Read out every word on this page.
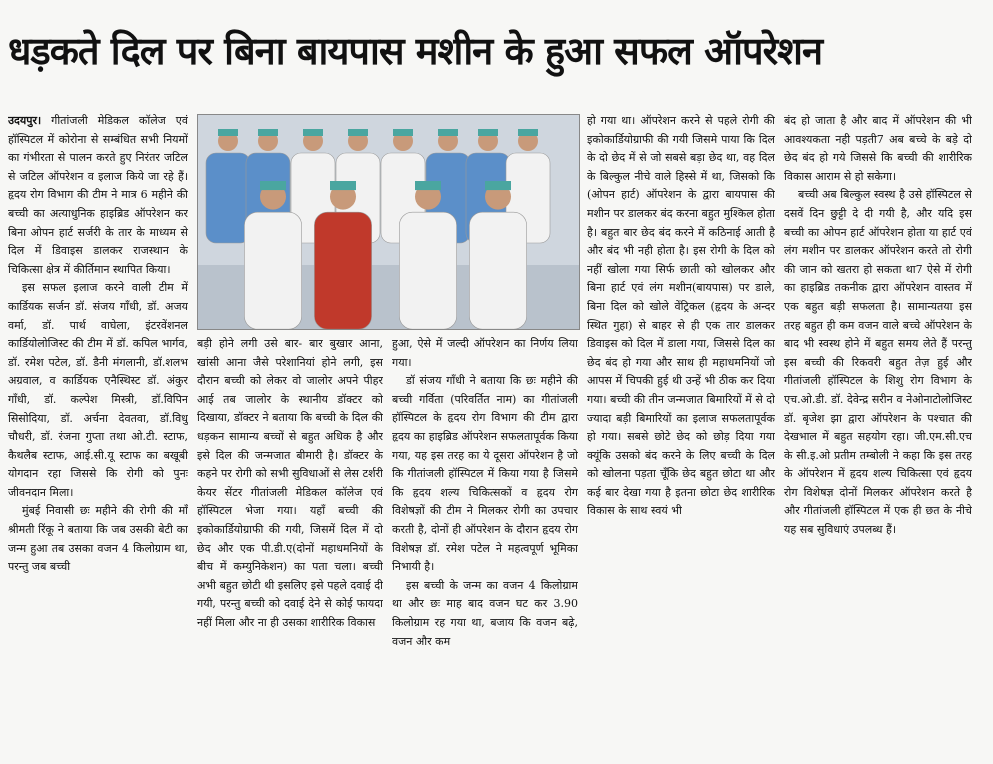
धड़कते दिल पर बिना बायपास मशीन के हुआ सफल ऑपरेशन

उदयपुर। गीतांजली मेडिकल कॉलेज एवं हॉस्पिटल में कोरोना से सम्बंधित सभी नियमों का गंभीरता से पालन करते हुए निरंतर जटिल से जटिल ऑपरेशन व इलाज किये जा रहे हैं। हृदय रोग विभाग की टीम ने मात्र 6 महीने की बच्ची का अत्याधुनिक हाइब्रिड ऑपरेशन कर बिना ओपन हार्ट सर्जरी के तार के माध्यम से दिल में डिवाइस डालकर राजस्थान के चिकित्सा क्षेत्र में कीर्तिमान स्थापित किया।

इस सफल इलाज करने वाली टीम में कार्डियक सर्जन डॉ. संजय गाँधी, डॉ. अजय वर्मा, डॉ. पार्थ वाघेला, इंटरवेंशनल कार्डियोलोजिस्ट की टीम में डॉ. कपिल भार्गव, डॉ. रमेश पटेल, डॉ. डैनी मंगलानी, डॉ.शलभ अग्रवाल, व कार्डियक एनैस्थिस्ट डॉ. अंकुर गाँधी, डॉ. कल्पेश मिस्त्री, डॉ.विपिन सिसोदिया, डॉ. अर्चना देवतवा, डॉ.विधु चौधरी, डॉ. रंजना गुप्ता तथा ओ.टी. स्टाफ, कैथलैब स्टाफ, आई.सी.यू स्टाफ का बखूबी योगदान रहा जिससे कि रोगी को पुनः जीवनदान मिला।

मुंबई निवासी छः महीने की रोगी की माँ श्रीमती रिंकू ने बताया कि जब उसकी बेटी का जन्म हुआ तब उसका वजन 4 किलोग्राम था, परन्तु जब बच्ची

बड़ी होने लगी उसे बार- बार बुखार आना, खांसी आना जैसे परेशानियां होने लगी, इस दौरान बच्ची को लेकर वो जालोर अपने पीहर आई तब जालोर के स्थानीय डॉक्टर को दिखाया, डॉक्टर ने बताया कि बच्ची के दिल की धड़कन सामान्य बच्चों से बहुत अधिक है और इसे दिल की जन्मजात बीमारी है। डॉक्टर के कहने पर रोगी को सभी सुविधाओं से लेस टर्शरी केयर सेंटर गीतांजली मेडिकल कॉलेज एवं हॉस्पिटल भेजा गया। यहाँ बच्ची की इकोकार्डियोग्राफी की गयी, जिसमें दिल में दो छेद और एक पी.डी.ए(दोनों महाधमनियों के बीच में कम्युनिकेशन) का पता चला। बच्ची अभी बहुत छोटी थी इसलिए इसे पहले दवाई दी गयी, परन्तु बच्ची को दवाई देने से कोई फायदा नहीं मिला और ना ही उसका शारीरिक विकास

हुआ, ऐसे में जल्दी ऑपरेशन का निर्णय लिया गया।

डॉ संजय गाँधी ने बताया कि छः महीने की बच्ची गर्विता (परिवर्तित नाम) का गीतांजली हॉस्पिटल के हृदय रोग विभाग की टीम द्वारा हृदय का हाइब्रिड ऑपरेशन सफलतापूर्वक किया गया, यह इस तरह का ये दूसरा ऑपरेशन है जो कि गीतांजली हॉस्पिटल में किया गया है जिसमे कि हृदय शल्य चिकित्सकों व हृदय रोग विशेषज्ञों की टीम ने मिलकर रोगी का उपचार करती है, दोनों ही ऑपरेशन के दौरान हृदय रोग विशेषज्ञ डॉ. रमेश पटेल ने महत्वपूर्ण भूमिका निभायी है।

इस बच्ची के जन्म का वजन 4 किलोग्राम था और छः माह बाद वजन घट कर 3.90 किलोग्राम रह गया था, बजाय कि वजन बढ़े, वजन और कम

हो गया था। ऑपरेशन करने से पहले रोगी की इकोकार्डियोग्राफी की गयी जिसमे पाया कि दिल के दो छेद में से जो सबसे बड़ा छेद था, वह दिल के बिल्कुल नीचे वाले हिस्से में था, जिसको कि (ओपन हार्ट) ऑपरेशन के द्वारा बायपास की मशीन पर डालकर बंद करना बहुत मुश्किल होता है। बहुत बार छेद बंद करने में कठिनाई आती है और बंद भी नही होता है। इस रोगी के दिल को नहीं खोला गया सिर्फ छाती को खोलकर और बिना हार्ट एवं लंग मशीन(बायपास) पर डाले, बिना दिल को खोले वेंट्रिकल (हृदय के अन्दर स्थित गुहा) से बाहर से ही एक तार डालकर डिवाइस को दिल में डाला गया, जिससे दिल का छेद बंद हो गया और साथ ही महाधमनियों जो आपस में चिपकी हुई थी उन्हें भी ठीक कर दिया गया। बच्ची की तीन जन्मजात बिमारियों में से दो ज्यादा बड़ी बिमारियों का इलाज सफलतापूर्वक हो गया। सबसे छोटे छेद को छोड़ दिया गया क्यूंकि उसको बंद करने के लिए बच्ची के दिल को खोलना पड़ता चूँकि छेद बहुत छोटा था और कई बार देखा गया है इतना छोटा छेद शारीरिक विकास के साथ स्वयं भी

बंद हो जाता है और बाद में ऑपरेशन की भी आवश्यकता नही पड़ती7 अब बच्चे के बड़े दो छेद बंद हो गये जिससे कि बच्ची की शारीरिक विकास आराम से हो सकेगा।

बच्ची अब बिल्कुल स्वस्थ है उसे हॉस्पिटल से दसवें दिन छुट्टी दे दी गयी है, और यदि इस बच्ची का ओपन हार्ट ऑपरेशन होता या हार्ट एवं लंग मशीन पर डालकर ऑपरेशन करते तो रोगी की जान को खतरा हो सकता था7 ऐसे में रोगी का हाइब्रिड तकनीक द्वारा ऑपरेशन वास्तव में एक बहुत बड़ी सफलता है। सामान्यतया इस तरह बहुत ही कम वजन वाले बच्चे ऑपरेशन के बाद भी स्वस्थ होने में बहुत समय लेते हैं परन्तु इस बच्ची की रिकवरी बहुत तेज़ हुई और गीतांजली हॉस्पिटल के शिशु रोग विभाग के एच.ओ.डी. डॉ. देवेन्द्र सरीन व नेओनाटोलोजिस्ट डॉ. बृजेश झा द्वारा ऑपरेशन के पश्चात की देखभाल में बहुत सहयोग रहा। जी.एम.सी.एच के सी.इ.ओ प्रतीम तम्बोली ने कहा कि इस तरह के ऑपरेशन में हृदय शल्य चिकित्सा एवं हृदय रोग विशेषज्ञ दोनों मिलकर ऑपरेशन करते है और गीतांजली हॉस्पिटल में एक ही छत के नीचे यह सब सुविधाएं उपलब्ध हैं।
